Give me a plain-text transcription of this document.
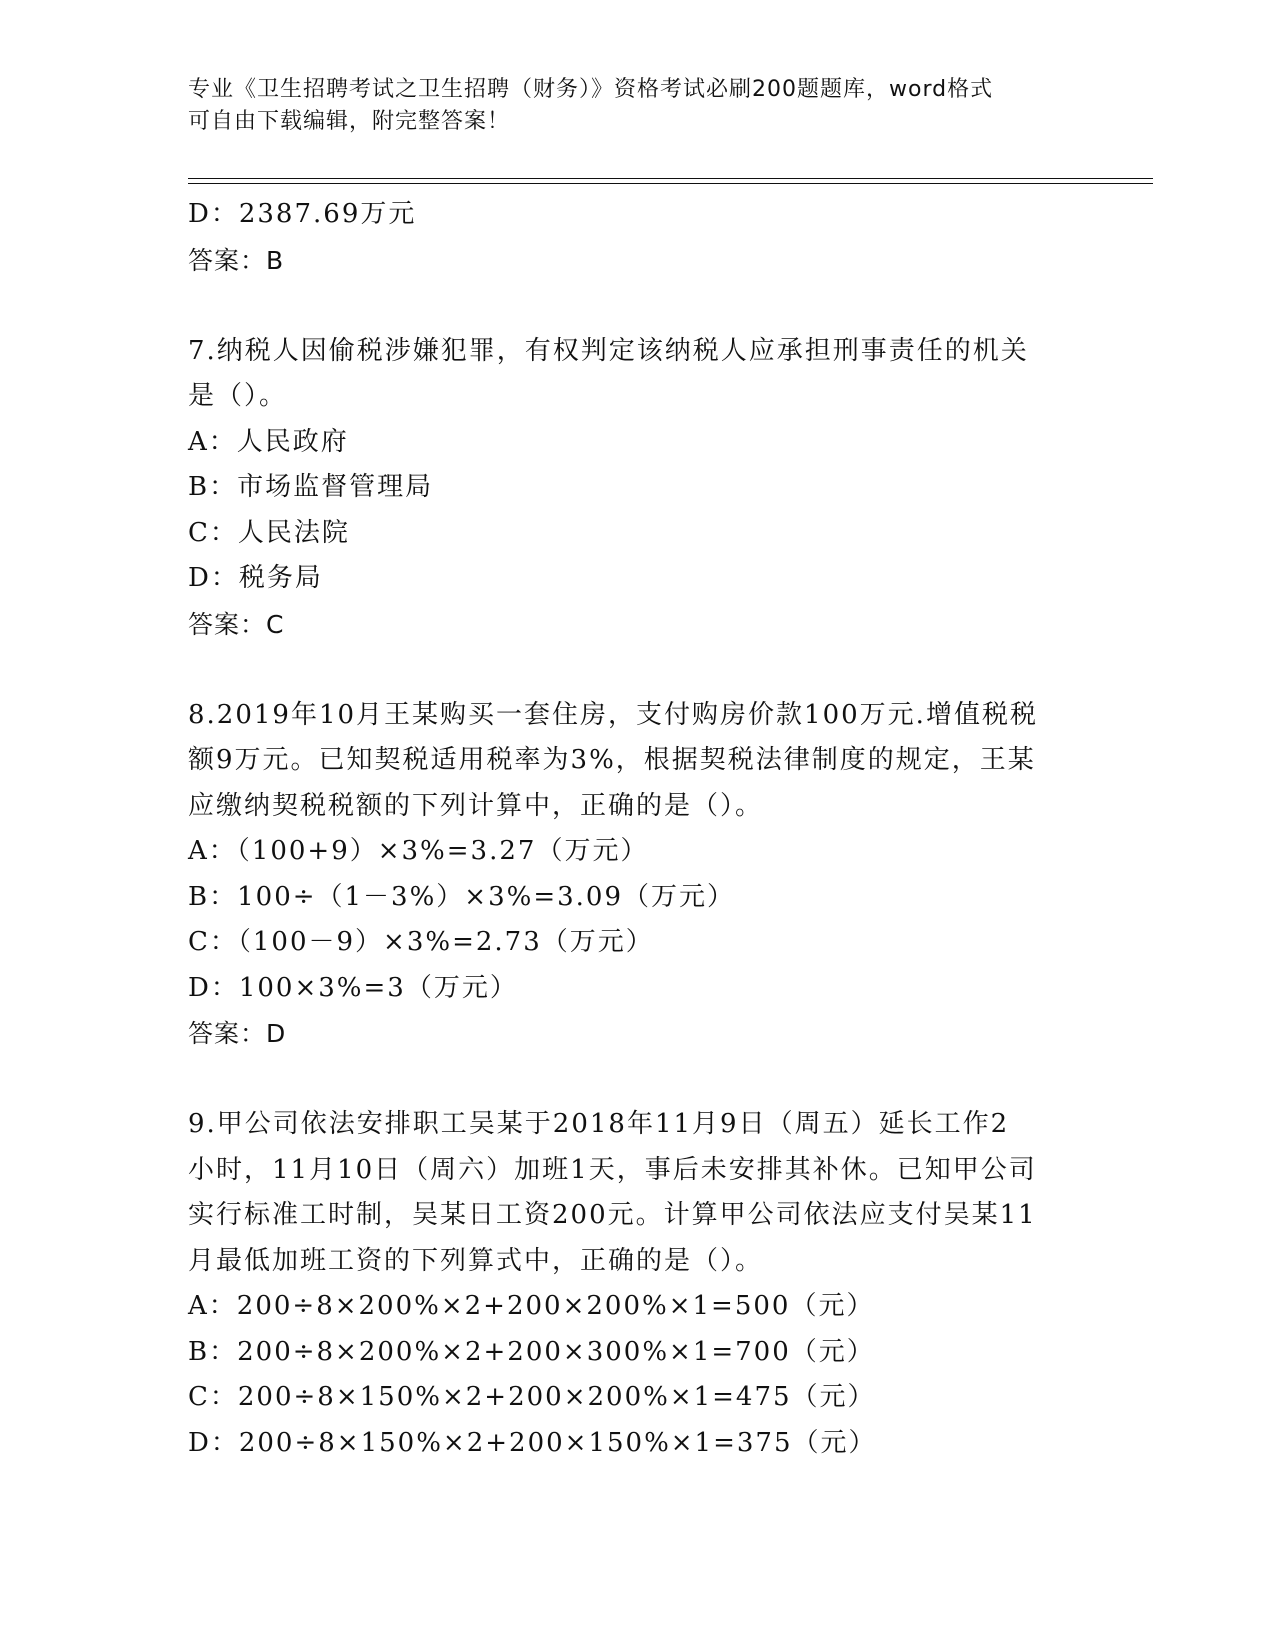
专业《卫生招聘考试之卫生招聘（财务）》资格考试必刷200题题库，word格式
可自由下载编辑，附完整答案！
D：2387.69万元
答案：B
7.纳税人因偷税涉嫌犯罪，有权判定该纳税人应承担刑事责任的机关
是（）。
A：人民政府
B：市场监督管理局
C：人民法院
D：税务局
答案：C
8.2019年10月王某购买一套住房，支付购房价款100万元.增值税税
额9万元。已知契税适用税率为3%，根据契税法律制度的规定，王某
应缴纳契税税额的下列计算中，正确的是（）。
A：（100+9）×3%=3.27（万元）
B：100÷（1－3%）×3%=3.09（万元）
C：（100－9）×3%=2.73（万元）
D：100×3%=3（万元）
答案：D
9.甲公司依法安排职工吴某于2018年11月9日（周五）延长工作2
小时，11月10日（周六）加班1天，事后未安排其补休。已知甲公司
实行标准工时制，吴某日工资200元。计算甲公司依法应支付吴某11
月最低加班工资的下列算式中，正确的是（）。
A：200÷8×200%×2+200×200%×1=500（元）
B：200÷8×200%×2+200×300%×1=700（元）
C：200÷8×150%×2+200×200%×1=475（元）
D：200÷8×150%×2+200×150%×1=375（元）
